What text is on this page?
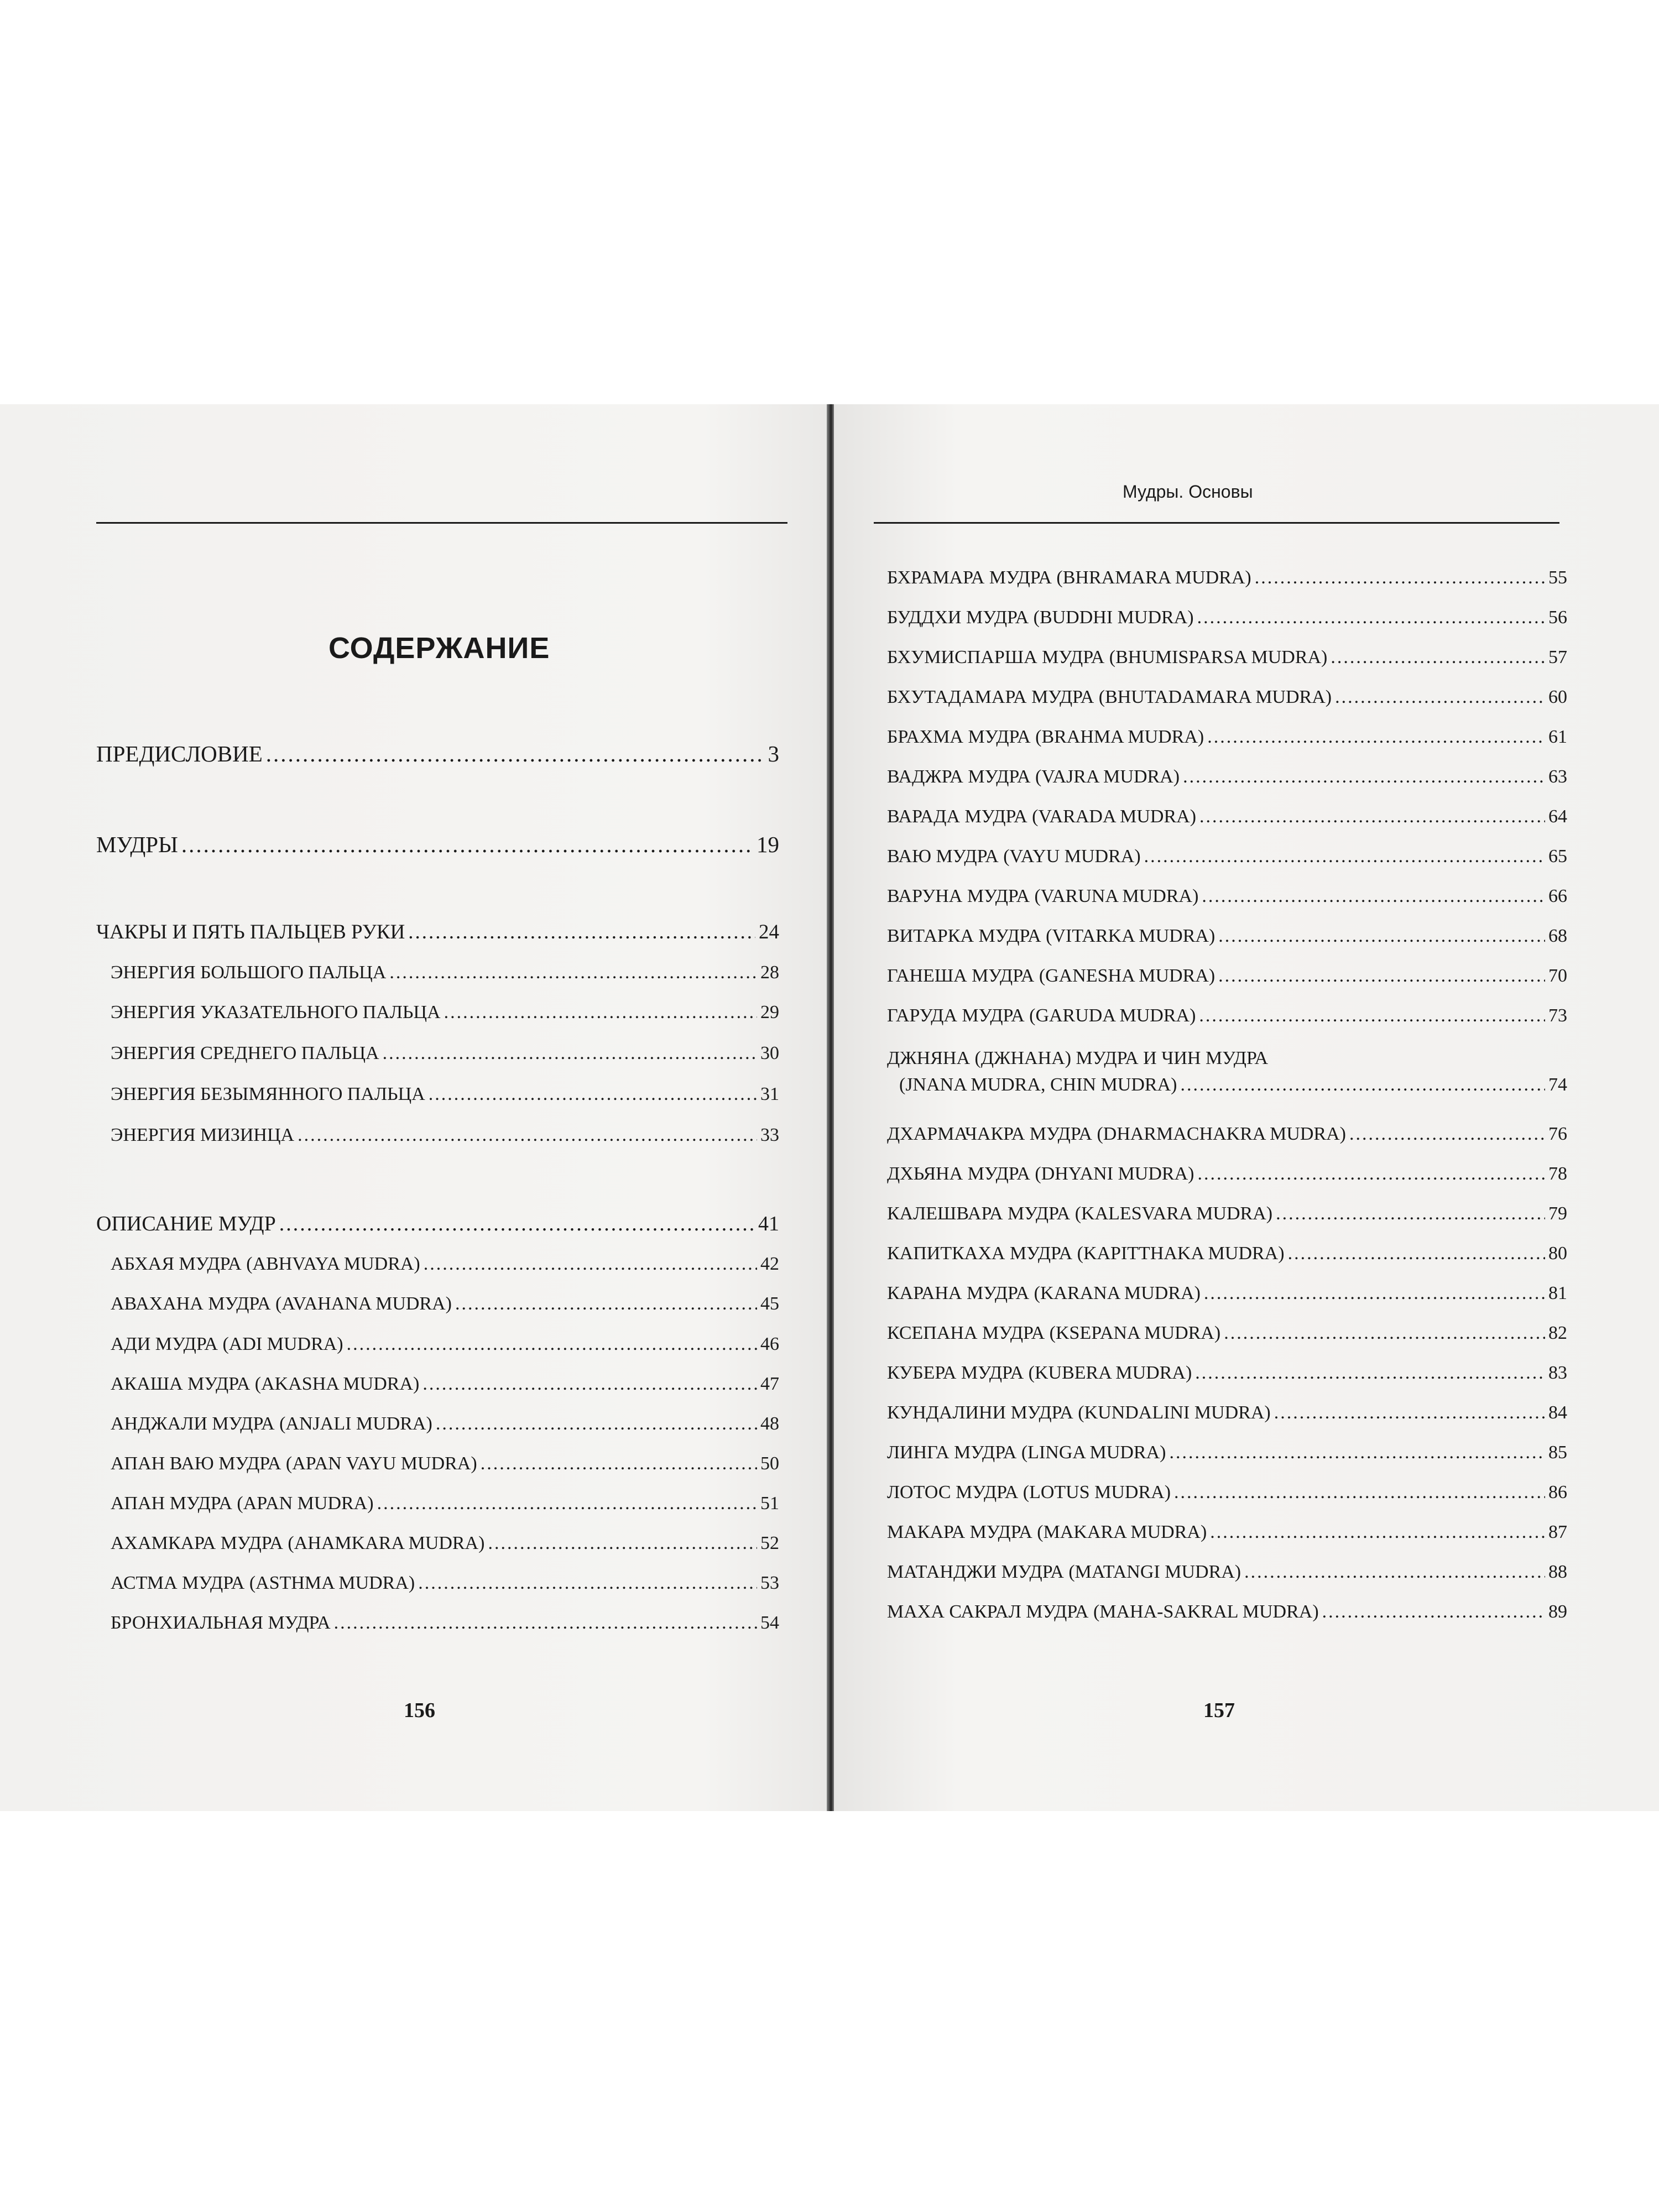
СОДЕРЖАНИЕ
ПРЕДИСЛОВИЕ .....	3
МУДРЫ .....	19
ЧАКРЫ И ПЯТЬ ПАЛЬЦЕВ РУКИ .....	24
ЭНЕРГИЯ БОЛЬШОГО ПАЛЬЦА .....	28
ЭНЕРГИЯ УКАЗАТЕЛЬНОГО ПАЛЬЦА .....	29
ЭНЕРГИЯ СРЕДНЕГО ПАЛЬЦА .....	30
ЭНЕРГИЯ БЕЗЫМЯННОГО ПАЛЬЦА .....	31
ЭНЕРГИЯ МИЗИНЦА .....	33
ОПИСАНИЕ МУДР .....	41
АБХАЯ МУДРА (ABHVAYA MUDRA) .....	42
АВАХАНА МУДРА (AVAHANA MUDRA) .....	45
АДИ МУДРА (ADI MUDRA) .....	46
АКАША МУДРА (AKASHA MUDRA) .....	47
АНДЖАЛИ МУДРА (ANJALI MUDRA) .....	48
АПАН ВАЮ МУДРА (APAN VAYU MUDRA) .....	50
АПАН МУДРА (APAN MUDRA) .....	51
АХАМКАРА МУДРА (AHAMKARA MUDRA) .....	52
АСТМА МУДРА (ASTHMA MUDRA) .....	53
БРОНХИАЛЬНАЯ МУДРА .....	54
156
Мудры. Основы
БХРАМАРА МУДРА (BHRAMARA MUDRA) .....	55
БУДДХИ МУДРА (BUDDHI MUDRA) .....	56
БХУМИСПАРША МУДРА (BHUMISPARSA MUDRA) .....	57
БХУТАДАМАРА МУДРА (BHUTADAMARA MUDRA) .....	60
БРАХМА МУДРА (BRAHMA MUDRA) .....	61
ВАДЖРА МУДРА (VAJRA MUDRA) .....	63
ВАРАДА МУДРА (VARADA MUDRA) .....	64
ВАЮ МУДРА (VAYU MUDRA) .....	65
ВАРУНА МУДРА (VARUNA MUDRA) .....	66
ВИТАРКА МУДРА (VITARKA MUDRA) .....	68
ГАНЕША МУДРА (GANESHA MUDRA) .....	70
ГАРУДА МУДРА (GARUDA MUDRA) .....	73
ДЖНЯНА (ДЖНАНА) МУДРА И ЧИН МУДРА
(JNANA MUDRA, CHIN MUDRA) .....	74
ДХАРМАЧАКРА МУДРА (DHARMACHAKRA MUDRA) .....	76
ДХЬЯНА МУДРА (DHYANI MUDRA) .....	78
КАЛЕШВАРА МУДРА (KALESVARA MUDRA) .....	79
КАПИТКАХА МУДРА (KAPITTHAKA MUDRA) .....	80
КАРАНА МУДРА (KARANA MUDRA) .....	81
КСЕПАНА МУДРА (KSEPANA MUDRA) .....	82
КУБЕРА МУДРА (KUBERA MUDRA) .....	83
КУНДАЛИНИ МУДРА (KUNDALINI MUDRA) .....	84
ЛИНГА МУДРА (LINGA MUDRA) .....	85
ЛОТОС МУДРА (LOTUS MUDRA) .....	86
МАКАРА МУДРА (MAKARA MUDRA) .....	87
МАТАНДЖИ МУДРА (MATANGI MUDRA) .....	88
МАХА САКРАЛ МУДРА (MAHA-SAKRAL MUDRA) .....	89
157
